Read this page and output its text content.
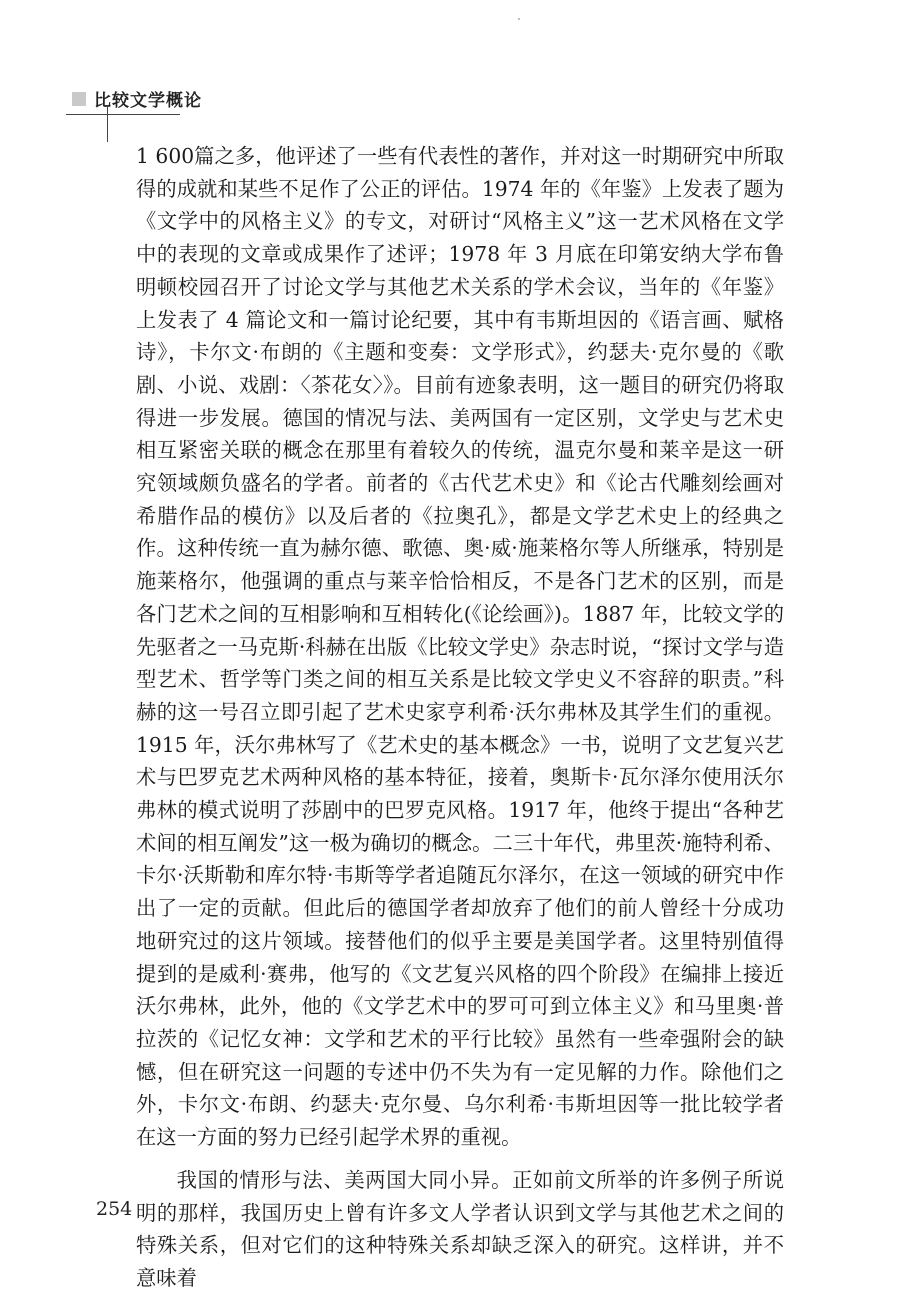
比较文学概论

1 600篇之多，他评述了一些有代表性的著作，并对这一时期研究中所取得的成就和某些不足作了公正的评估。1974 年的《年鉴》上发表了题为《文学中的风格主义》的专文，对研讨“风格主义”这一艺术风格在文学中的表现的文章或成果作了述评；1978 年 3 月底在印第安纳大学布鲁明顿校园召开了讨论文学与其他艺术关系的学术会议，当年的《年鉴》上发表了 4 篇论文和一篇讨论纪要，其中有韦斯坦因的《语言画、赋格诗》，卡尔文·布朗的《主题和变奏：文学形式》，约瑟夫·克尔曼的《歌剧、小说、戏剧：〈茶花女〉》。目前有迹象表明，这一题目的研究仍将取得进一步发展。德国的情况与法、美两国有一定区别，文学史与艺术史相互紧密关联的概念在那里有着较久的传统，温克尔曼和莱辛是这一研究领域颇负盛名的学者。前者的《古代艺术史》和《论古代雕刻绘画对希腊作品的模仿》以及后者的《拉奥孔》，都是文学艺术史上的经典之作。这种传统一直为赫尔德、歌德、奥·威·施莱格尔等人所继承，特别是施莱格尔，他强调的重点与莱辛恰恰相反，不是各门艺术的区别，而是各门艺术之间的互相影响和互相转化(《论绘画》)。1887 年，比较文学的先驱者之一马克斯·科赫在出版《比较文学史》杂志时说，“探讨文学与造型艺术、哲学等门类之间的相互关系是比较文学史义不容辞的职责。”科赫的这一号召立即引起了艺术史家亨利希·沃尔弗林及其学生们的重视。1915 年，沃尔弗林写了《艺术史的基本概念》一书，说明了文艺复兴艺术与巴罗克艺术两种风格的基本特征，接着，奥斯卡·瓦尔泽尔使用沃尔弗林的模式说明了莎剧中的巴罗克风格。1917 年，他终于提出“各种艺术间的相互阐发”这一极为确切的概念。二三十年代，弗里茨·施特利希、卡尔·沃斯勒和库尔特·韦斯等学者追随瓦尔泽尔，在这一领域的研究中作出了一定的贡献。但此后的德国学者却放弃了他们的前人曾经十分成功地研究过的这片领域。接替他们的似乎主要是美国学者。这里特别值得提到的是威利·赛弗，他写的《文艺复兴风格的四个阶段》在编排上接近沃尔弗林，此外，他的《文学艺术中的罗可可到立体主义》和马里奥·普拉茨的《记忆女神：文学和艺术的平行比较》虽然有一些牵强附会的缺憾，但在研究这一问题的专述中仍不失为有一定见解的力作。除他们之外，卡尔文·布朗、约瑟夫·克尔曼、乌尔利希·韦斯坦因等一批比较学者在这一方面的努力已经引起学术界的重视。

我国的情形与法、美两国大同小异。正如前文所举的许多例子所说明的那样，我国历史上曾有许多文人学者认识到文学与其他艺术之间的特殊关系，但对它们的这种特殊关系却缺乏深入的研究。这样讲，并不意味着

254
